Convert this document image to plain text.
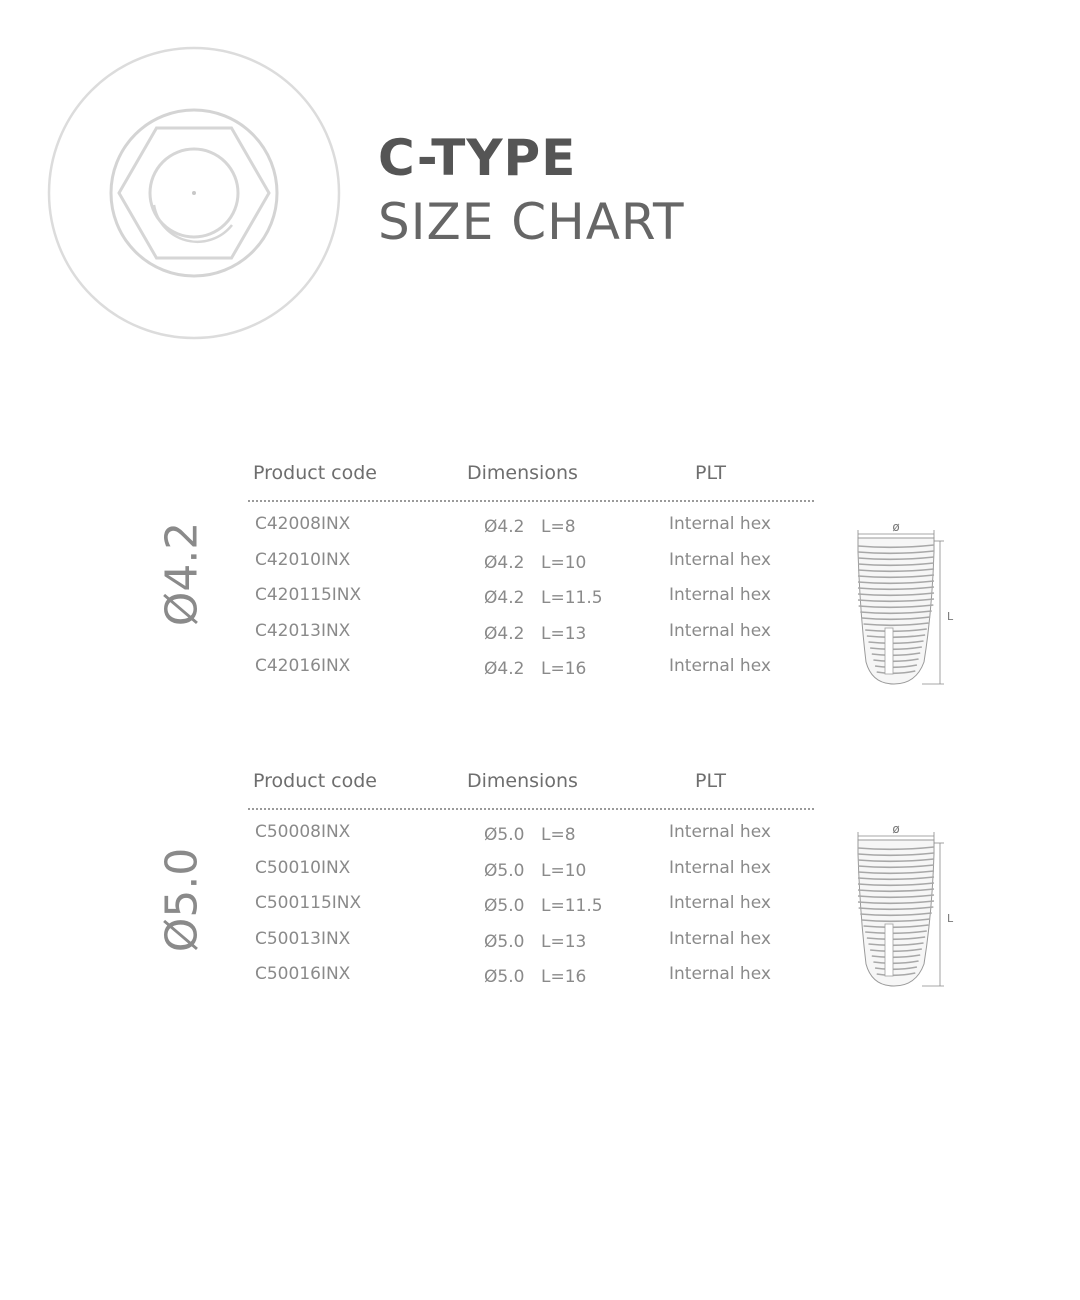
C-TYPE
SIZE CHART
Ø4.2
Product code	Dimensions	PLT
C42008INX	Ø4.2 L=8	Internal hex
C42010INX	Ø4.2 L=10	Internal hex
C420115INX	Ø4.2 L=11.5	Internal hex
C42013INX	Ø4.2 L=13	Internal hex
C42016INX	Ø4.2 L=16	Internal hex
ø
L
Ø5.0
Product code	Dimensions	PLT
C50008INX	Ø5.0 L=8	Internal hex
C50010INX	Ø5.0 L=10	Internal hex
C500115INX	Ø5.0 L=11.5	Internal hex
C50013INX	Ø5.0 L=13	Internal hex
C50016INX	Ø5.0 L=16	Internal hex
ø
L
